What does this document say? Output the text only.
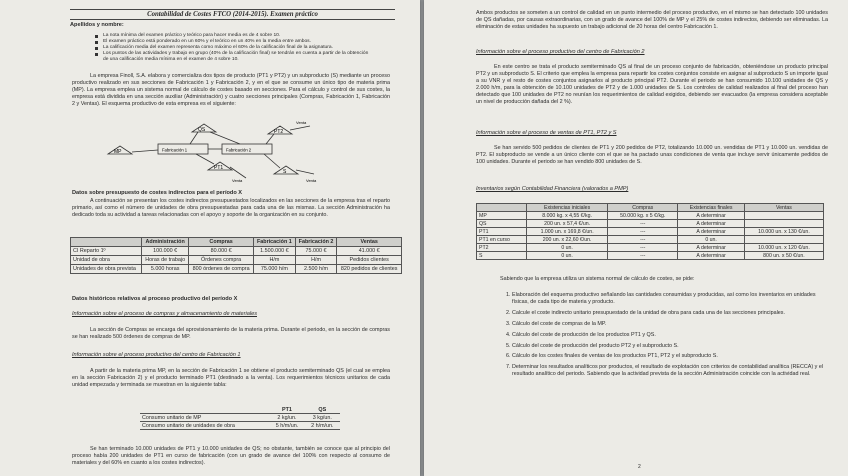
Contabilidad de Costes FTCO (2014-2015). Examen práctico
Apellidos y nombre:
La nota mínima del examen práctico y teórico para hacer media es de 4 sobre 10.
El examen práctico está ponderado en un 60% y el teórico en un 40% en la media entre ambos.
La calificación media del examen representa como máximo el 60% de la calificación final de la asignatura.
Los puntos de las actividades y trabajo en grupo (40% de la calificación final) se tendrán en cuenta a partir de la obtención de una calificación media mínima en el examen de 4 sobre 10.
La empresa Finoll, S.A. elabora y comercializa dos tipos de producto (PT1 y PT2) y un subproducto (S) mediante un proceso productivo realizado en sus secciones de Fabricación 1 y Fabricación 2, y en el que se consume un único tipo de materia prima (MP). La empresa emplea un sistema normal de cálculo de costes basado en secciones. Para el cálculo y control de sus costes, la empresa está dividida en una sección auxiliar (Administración) y cuatro secciones principales (Compras, Fabricación 1, Fabricación 2 y Ventas). El esquema productivo de esta empresa es el siguiente:
MP
QS
Fabricación 1	Fabricación 2
PT2
PT1
S
Venta
Venta	Venta
Datos sobre presupuesto de costes indirectos para el período X
A continuación se presentan los costes indirectos presupuestados localizados en las secciones de la empresa tras el reparto primario, así como el número de unidades de obra presupuestadas para cada una de las mismas. La sección Administración ha dedicado toda su actividad a tareas relacionadas con el apoyo y soporte de la organización en su conjunto.
	Administración	Compras	Fabricación 1	Fabricación 2	Ventas
CI Reparto 1º	100.000 €	80.000 €	1.500.000 €	75.000 €	41.000 €
Unidad de obra	Horas de trabajo	Órdenes compra	H/m	H/m	Pedidos clientes
Unidades de obra prevista	5.000 horas	800 órdenes de compra	75.000 h/m	2.500 h/m	820 pedidos de clientes
Datos históricos relativos al proceso productivo del período X
Información sobre el proceso de compras y almacenamiento de materiales
La sección de Compras se encarga del aprovisionamiento de la materia prima. Durante el periodo, en la sección de compras se han realizado 500 órdenes de compras de MP.
Información sobre el proceso productivo del centro de Fabricación 1
A partir de la materia prima MP, en la sección de Fabricación 1 se obtiene el producto semiterminado QS (el cual se emplea en la sección Fabricación 2) y el producto terminado PT1 (destinado a la venta). Los requerimientos técnicos unitarios de cada unidad empezada y terminada se muestran en la siguiente tabla:
	PT1	QS
Consumo unitario de MP	2 kg/un.	3 kg/un.
Consumo unitario de unidades de obra	5 h/m/un.	2 h/m/un.
Se han terminado 10.000 unidades de PT1 y 10.000 unidades de QS; no obstante, también se conoce que al principio del proceso había 200 unidades de PT1 en curso de fabricación (con un grado de avance del 100% con respecto al consumo de materiales y del 60% en cuanto a los costes indirectos).
Ambos productos se someten a un control de calidad en un punto intermedio del proceso productivo, en el mismo se han detectado 100 unidades de QS dañadas, por causas extraordinarias, con un grado de avance del 100% de MP y el 25% de costes indirectos, debiendo ser eliminadas. La eliminación de estas unidades ha supuesto un trabajo adicional de 20 horas del centro Fabricación 1.
Información sobre el proceso productivo del centro de Fabricación 2
En este centro se trata el producto semiterminado QS al final de un proceso conjunto de fabricación, obteniéndose un producto principal PT2 y un subproducto S. El criterio que emplea la empresa para repartir los costes conjuntos consiste en asignar al subproducto S un importe igual a su VNR y el resto de costes conjuntos asignarlos al producto principal PT2. Durante el periodo se han consumido 10.100 unidades de QS y 2.000 h/m, para la obtención de 10.100 unidades de PT2 y de 1.000 unidades de S. Los controles de calidad realizados al final del proceso han detectado que 100 unidades de PT2 no reunían los requerimientos de calidad exigidos, debiendo ser evacuados (la empresa considera aceptable un nivel de producción dañada del 2 %).
Información sobre el proceso de ventas de PT1, PT2 y S
Se han servido 500 pedidos de clientes de PT1 y 200 pedidos de PT2, totalizando 10.000 un. vendidas de PT1 y 10.000 un. vendidas de PT2. El subproducto se vende a un único cliente con el que se ha pactado unas condiciones de venta que incluye servir únicamente pedidos de 100 unidades. Durante el periodo se han vendido 800 unidades de S.
Inventarios según Contabilidad Financiera (valorados a PMP)
	Existencias iniciales	Compras	Existencias finales	Ventas
MP	8.000 kg. x 4,55 €/kg.	50.000 kg. x 5 €/kg.	A determinar	
QS	200 un. x 57,4 €/un.	---	A determinar	
PT1	1.000 un. x 169,8 €/un.	---	A determinar	10.000 un. x 130 €/un.
PT1 en curso	200 un. x 22,60 €/un.	---	0 un.	
PT2	0 un.	---	A determinar	10.000 un. x 120 €/un.
S	0 un.	---	A determinar	800 un. x 50 €/un.
Sabiendo que la empresa utiliza un sistema normal de cálculo de costes, se pide:
1. Elaboración del esquema productivo señalando las cantidades consumidas y producidas, así como los inventarios en unidades físicas, de cada tipo de materia y producto.
2. Calcule el coste indirecto unitario presupuestado de la unidad de obra para cada una de las secciones principales.
3. Cálculo del coste de compras de la MP.
4. Cálculo del coste de producción de los productos PT1 y QS.
5. Cálculo del coste de producción del producto PT2 y el subproducto S.
6. Cálculo de los costes finales de ventas de los productos PT1, PT2 y el subproducto S.
7. Determinar los resultados analíticos por productos, el resultado de explotación con criterios de contabilidad analítica (RECCA) y el resultado analítico del periodo. Sabiendo que la actividad prevista de la sección Administración coincide con la actividad real.
2
